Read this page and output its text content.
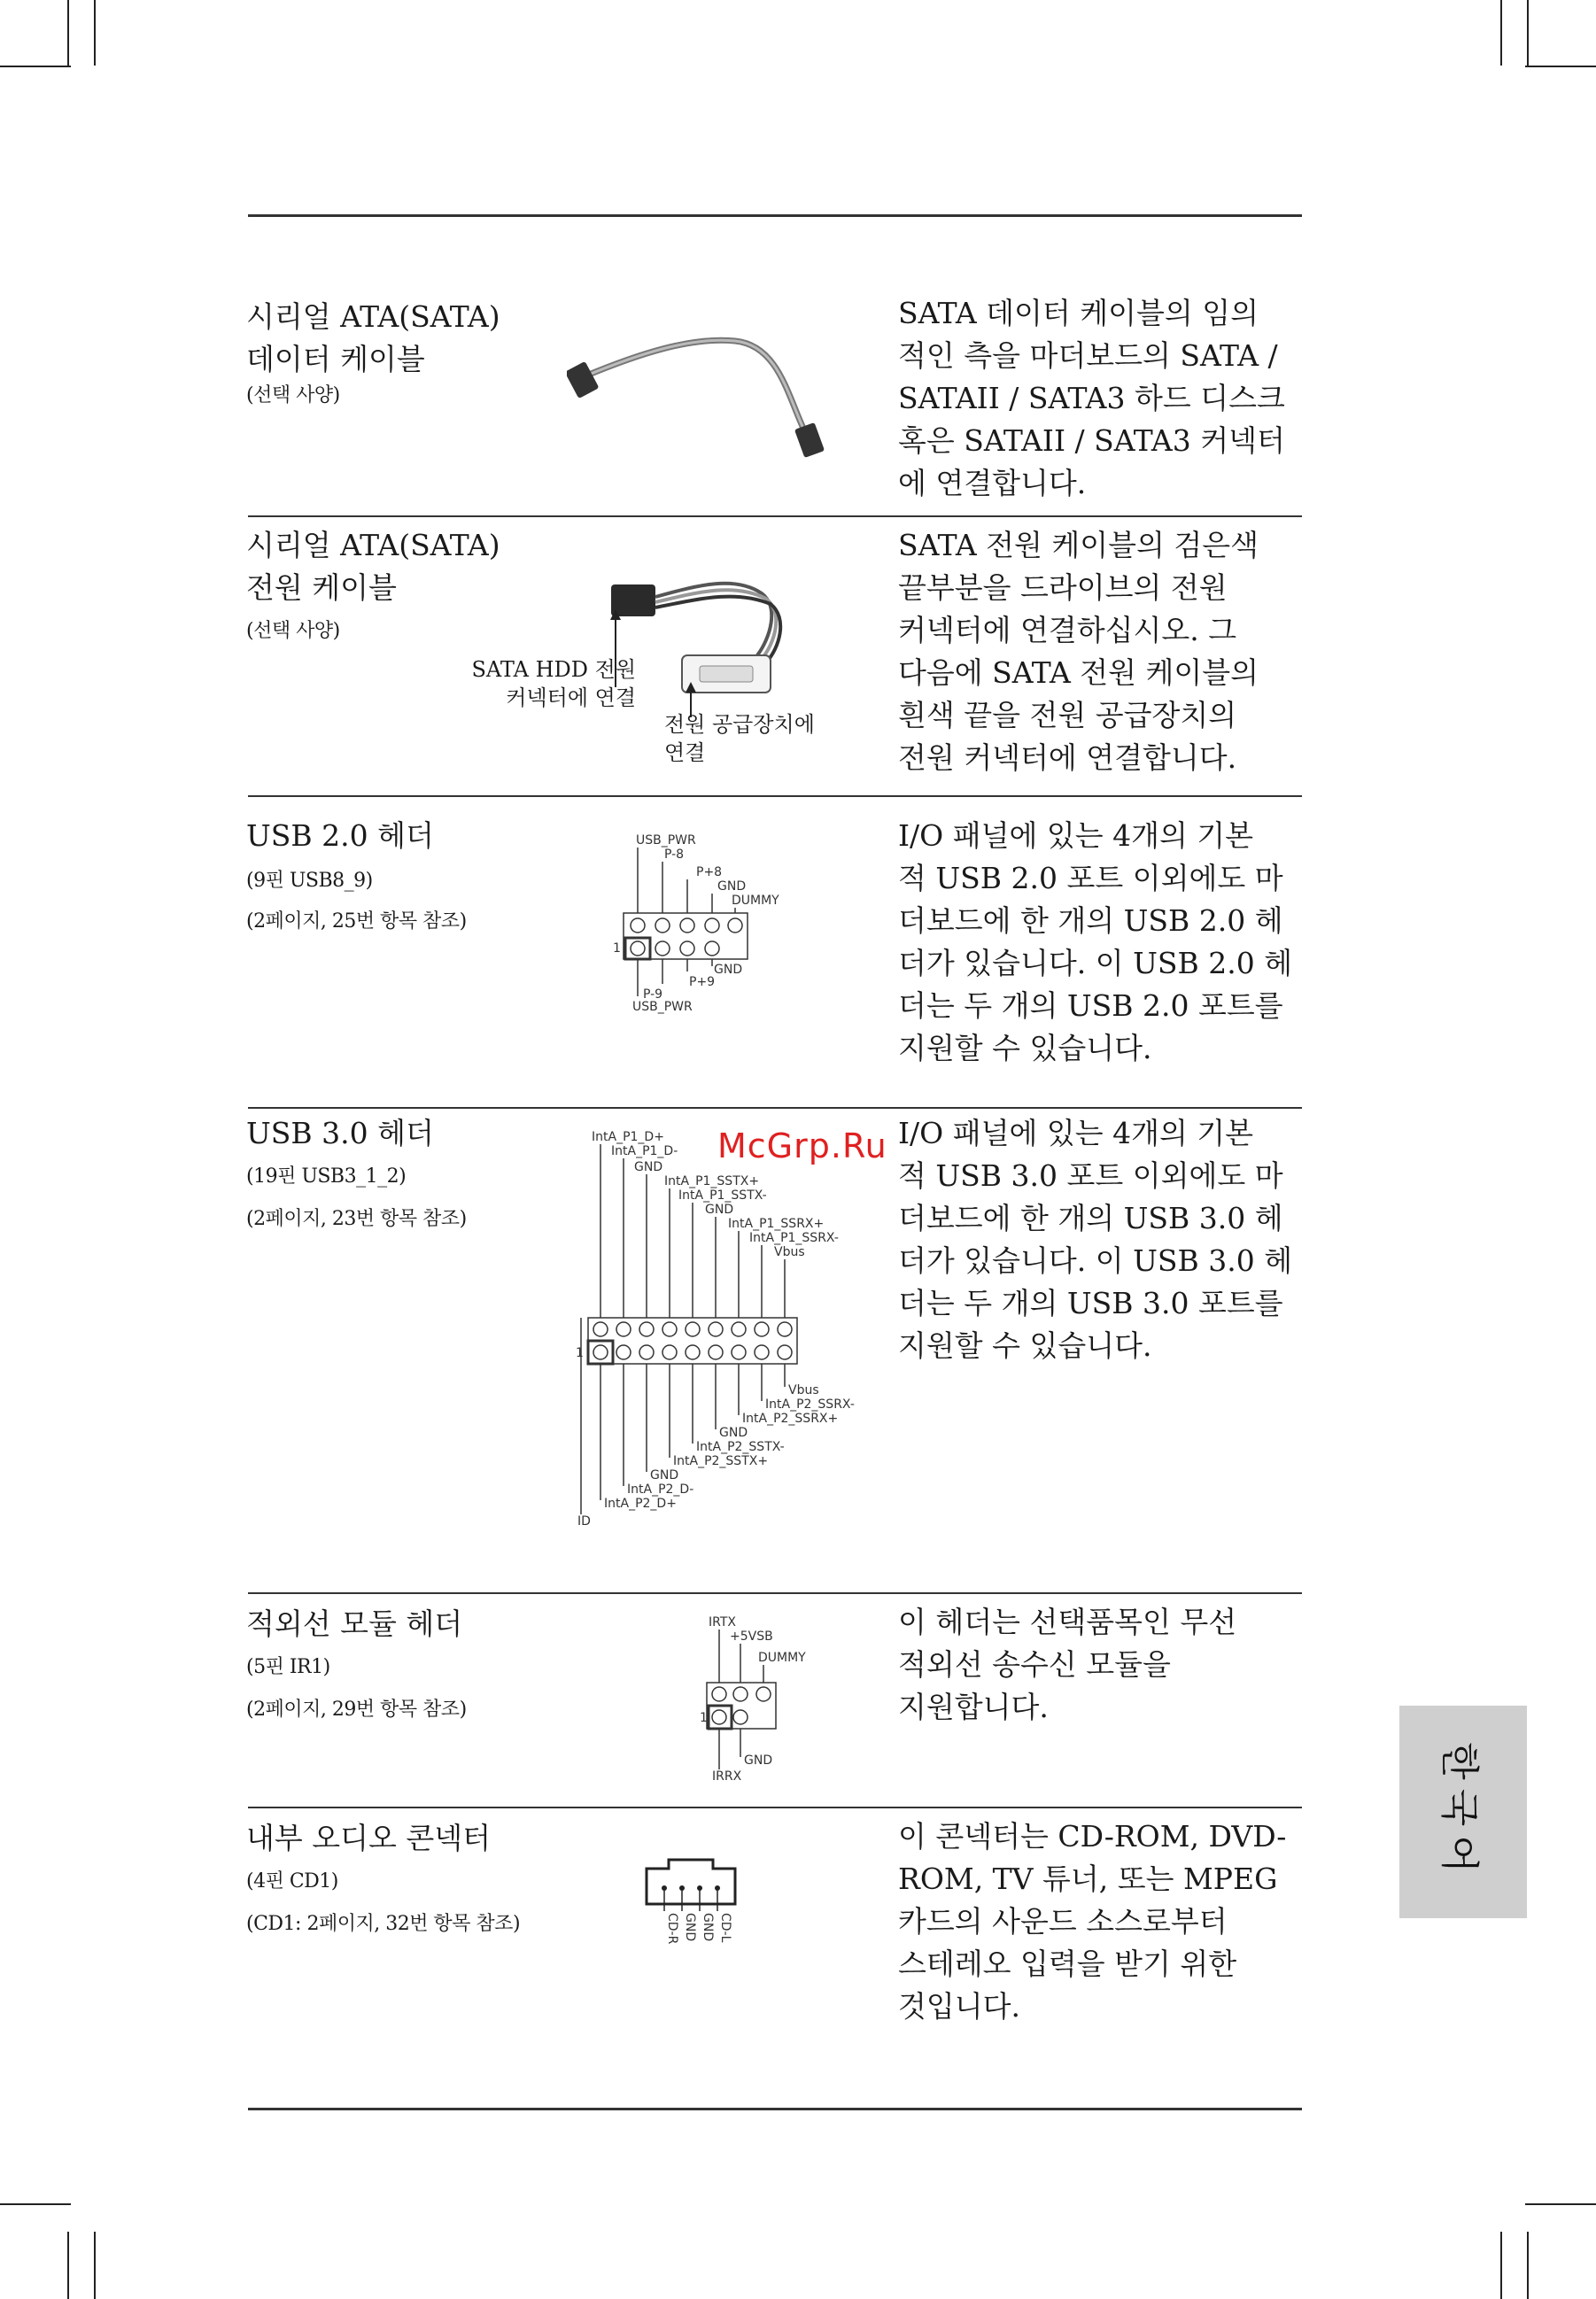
시리얼 ATA(SATA)
데이터 케이블
(선택 사양)
SATA 데이터 케이블의 임의
적인 측을 마더보드의 SATA /
SATAII / SATA3 하드 디스크
혹은 SATAII / SATA3 커넥터
에 연결합니다.
시리얼 ATA(SATA)
전원 케이블
(선택 사양)
SATA HDD 전원
커넥터에 연결
전원 공급장치에
연결
SATA 전원 케이블의 검은색
끝부분을 드라이브의 전원
커넥터에 연결하십시오. 그
다음에 SATA 전원 케이블의
흰색 끝을 전원 공급장치의
전원 커넥터에 연결합니다.
USB 2.0 헤더
(9핀 USB8_9)
(2페이지, 25번 항목 참조)
USB_PWR
P-8
P+8
GND
DUMMY
1
GND
P+9
P-9
USB_PWR
I/O 패널에 있는 4개의 기본
적 USB 2.0 포트 이외에도 마
더보드에 한 개의 USB 2.0 헤
더가 있습니다. 이 USB 2.0 헤
더는 두 개의 USB 2.0 포트를
지원할 수 있습니다.
USB 3.0 헤더
(19핀 USB3_1_2)
(2페이지, 23번 항목 참조)
IntA_P1_D+
IntA_P1_D-
GND
IntA_P1_SSTX+
IntA_P1_SSTX-
GND
IntA_P1_SSRX+
IntA_P1_SSRX-
Vbus
1
Vbus
IntA_P2_SSRX-
IntA_P2_SSRX+
GND
IntA_P2_SSTX-
IntA_P2_SSTX+
GND
IntA_P2_D-
IntA_P2_D+
ID
I/O 패널에 있는 4개의 기본
적 USB 3.0 포트 이외에도 마
더보드에 한 개의 USB 3.0 헤
더가 있습니다. 이 USB 3.0 헤
더는 두 개의 USB 3.0 포트를
지원할 수 있습니다.
적외선 모듈 헤더
(5핀 IR1)
(2페이지, 29번 항목 참조)
IRTX
+5VSB
DUMMY
1
GND
IRRX
이 헤더는 선택품목인 무선
적외선 송수신 모듈을
지원합니다.
내부 오디오 콘넥터
(4핀 CD1)
(CD1: 2페이지, 32번 항목 참조)	CD-R GND GND CD-L
이 콘넥터는 CD-ROM, DVD-
ROM, TV 튜너, 또는 MPEG
카드의 사운드 소스로부터
스테레오 입력을 받기 위한
것입니다.
한국어
McGrp.Ru
